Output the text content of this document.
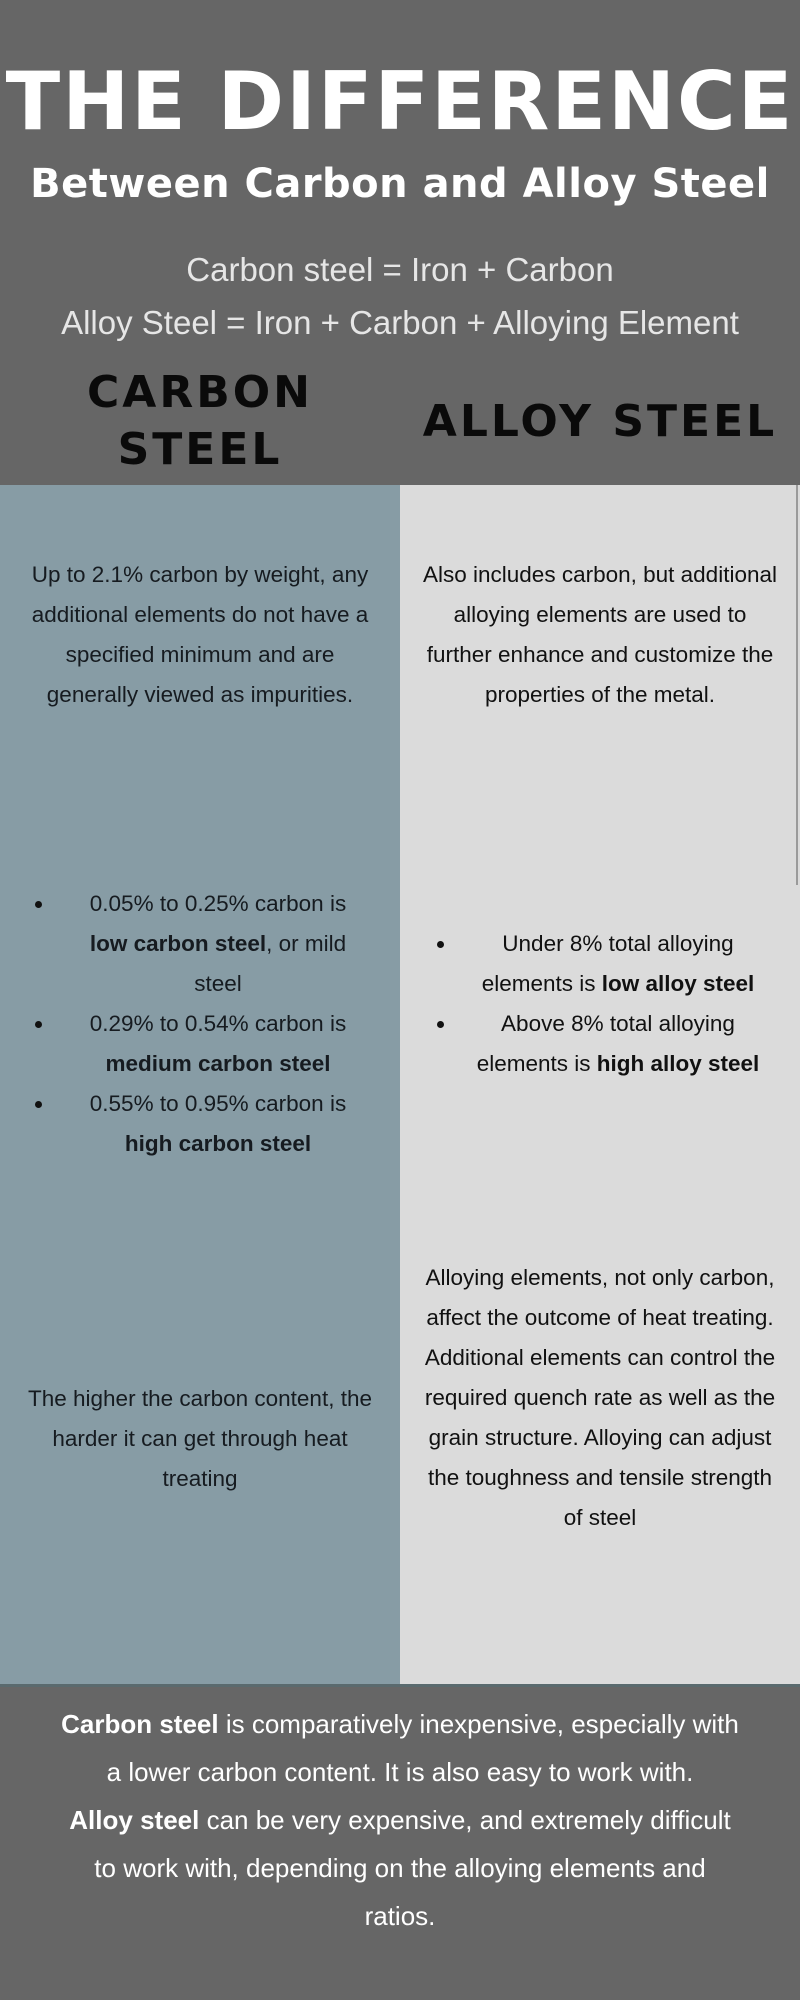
THE DIFFERENCE
Between Carbon and Alloy Steel
Carbon steel = Iron + Carbon
Alloy Steel = Iron + Carbon + Alloying Element
CARBON
STEEL
ALLOY STEEL
Up to 2.1% carbon by weight, any additional elements do not have a specified minimum and are generally viewed as impurities.
Also includes carbon, but additional alloying elements are used to further enhance and customize the properties of the metal.
0.05% to 0.25% carbon is low carbon steel, or mild steel
0.29% to 0.54% carbon is medium carbon steel
0.55% to 0.95% carbon is high carbon steel
Under 8% total alloying elements is low alloy steel
Above 8% total alloying elements is high alloy steel
The higher the carbon content, the harder it can get through heat treating
Alloying elements, not only carbon, affect the outcome of heat treating. Additional elements can control the required quench rate as well as the grain structure. Alloying can adjust the toughness and tensile strength of steel

Carbon steel is comparatively inexpensive, especially with a lower carbon content. It is also easy to work with.

Alloy steel can be very expensive, and extremely difficult to work with, depending on the alloying elements and ratios.
